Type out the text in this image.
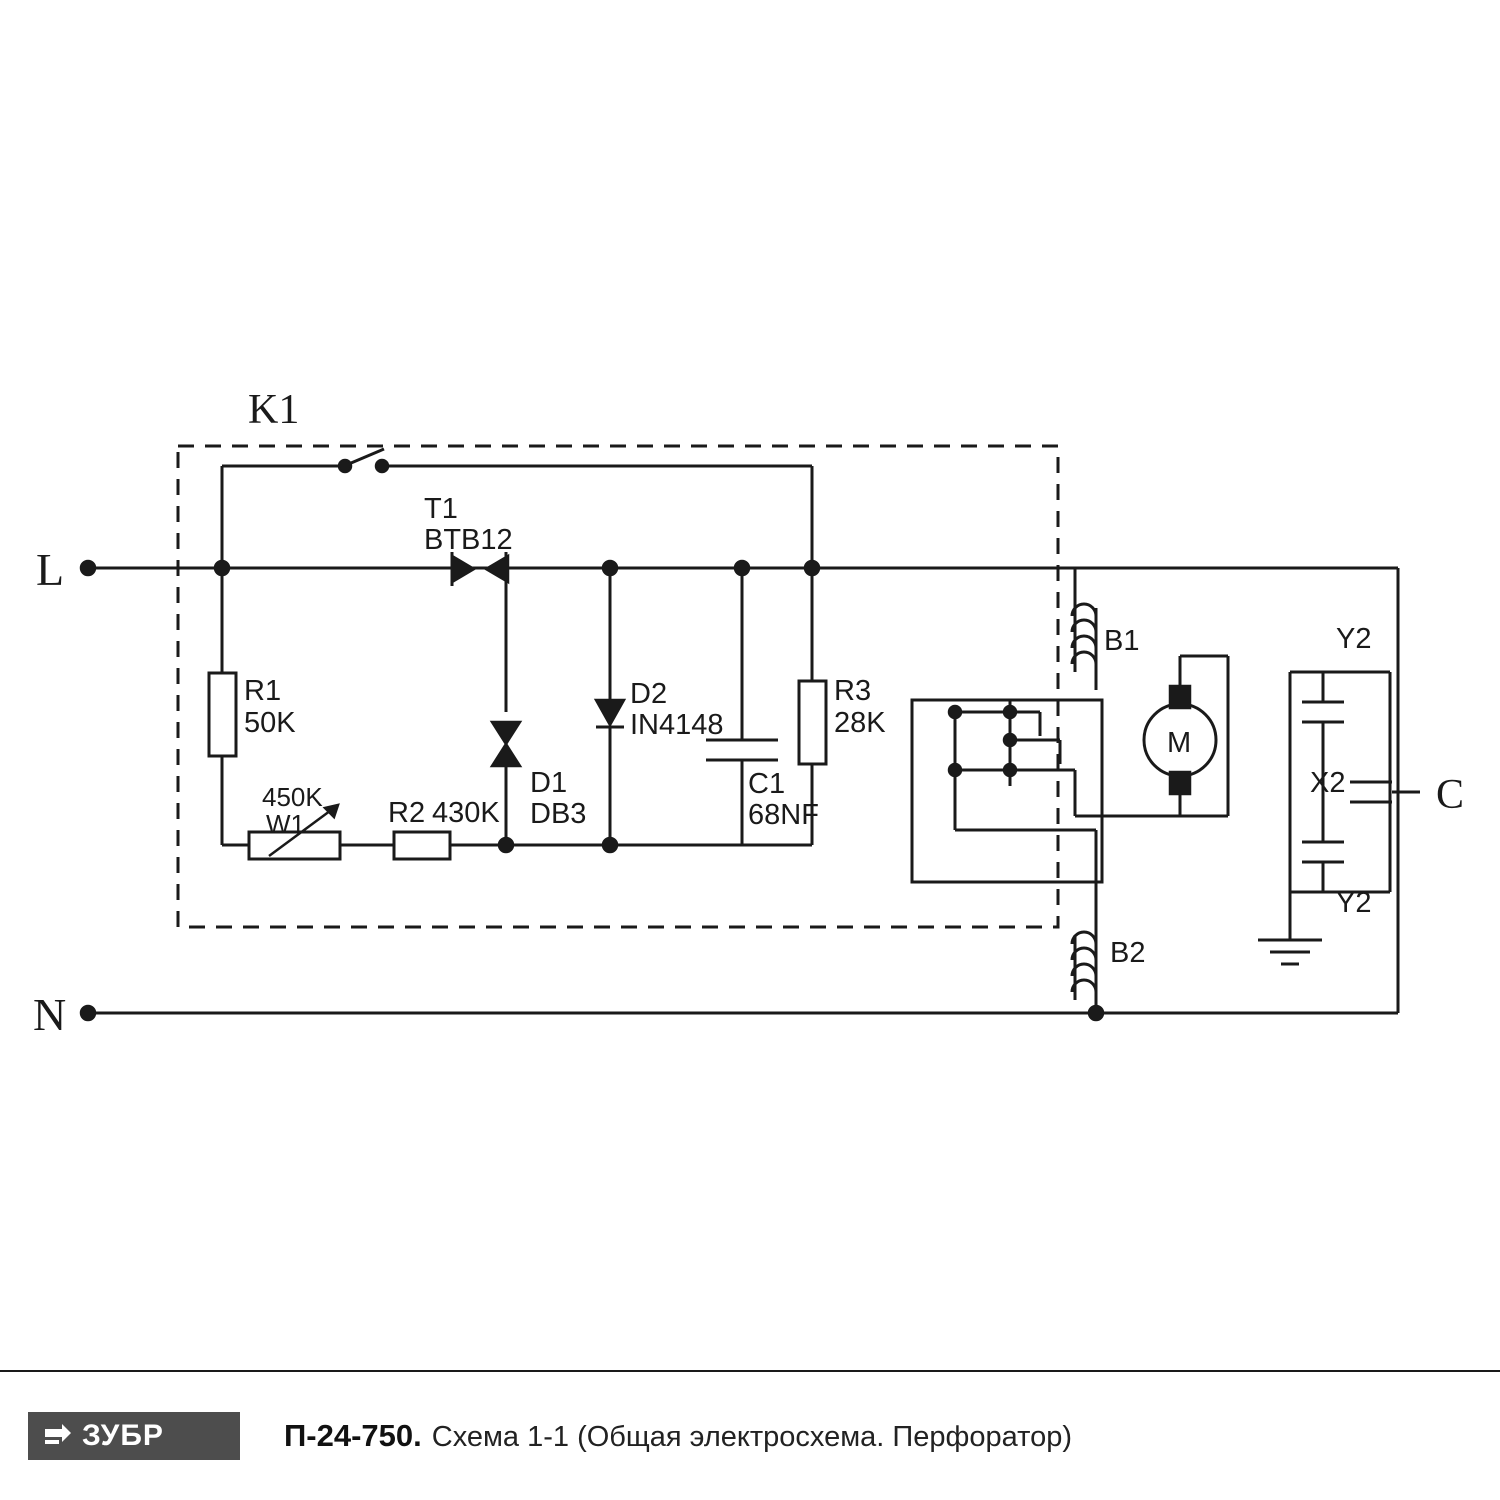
T1
BTB12
R1
50K
450K
W1	R2 430K
D1
DB3
D2
IN4148
C1
68NF
R3
28K
L
N
K1
B1
B2
M
Y2
Y2
X2 C
ЗУБР	П-24-750. Схема 1-1 (Общая электросхема. Перфоратор)
